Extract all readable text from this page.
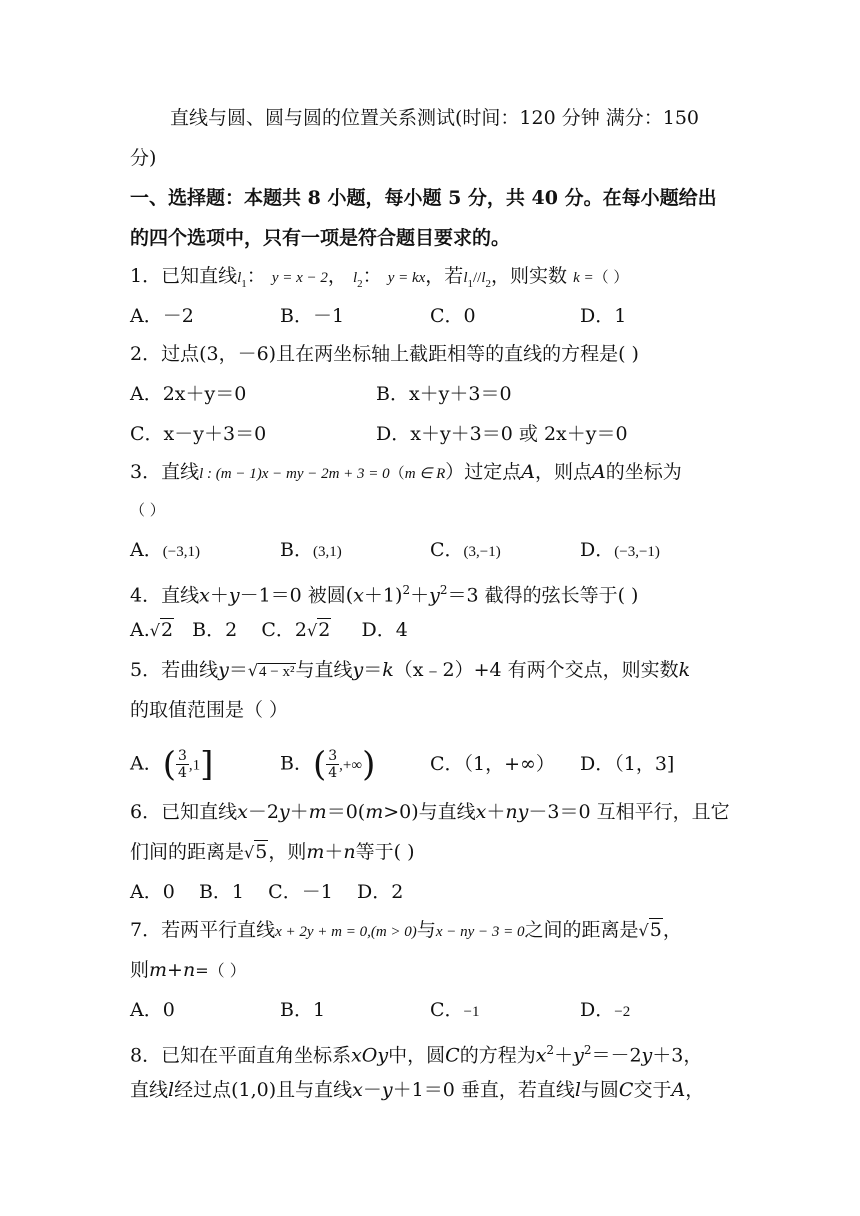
直线与圆、圆与圆的位置关系测试(时间：120 分钟 满分：150
分)
一、选择题：本题共 8 小题，每小题 5 分，共 40 分。在每小题给出
的四个选项中，只有一项是符合题目要求的。
1．已知直线$l_1$： y = x − 2， $l_2$： y = kx，若$l_1//l_2$，则实数 k =（ ）
A．－2	B．－1	C．0	D．1
2．过点(3，－6)且在两坐标轴上截距相等的直线的方程是( )
A．2x＋y＝0	B．x＋y＋3＝0
C．x－y＋3＝0	D．x＋y＋3＝0 或 2x＋y＝0
3．直线l : (m − 1)x − my − 2m + 3 = 0（m ∈ R）过定点A，则点A的坐标为
（ ）
A．(−3,1)	B．(3,1)	C．(3,−1)	D．(−3,−1)
4．直线x＋y－1＝0 被圆$(x+1)^2+y^2=3$ 截得的弦长等于( )
A.√2   B．2    C．2√2     D．4
5．若曲线y＝√4 − x²与直线y＝k（x﹣2）+4 有两个交点，则实数k
的取值范围是（ ）
A．( $\frac{3}{4} ,1$]	B．( $\frac{3}{4}$ ,+∞)	C．（1，+∞） D．（1，3]
6．已知直线x－2y＋m＝0(m>0)与直线x＋ny－3＝0 互相平行，且它
们间的距离是√5，则m＋n等于( )
A．0    B．1    C．－1    D．2
7．若两平行直线x + 2y + m = 0,(m > 0)与x − ny − 3 = 0之间的距离是√5，
则m+n=（ ）
A．0	B．1	C．−1	D．−2
8．已知在平面直角坐标系xOy中，圆C的方程为$x^2+y^2=-2y+3$，
直线l经过点(1,0)且与直线x－y＋1＝0 垂直，若直线l与圆C交于A，
